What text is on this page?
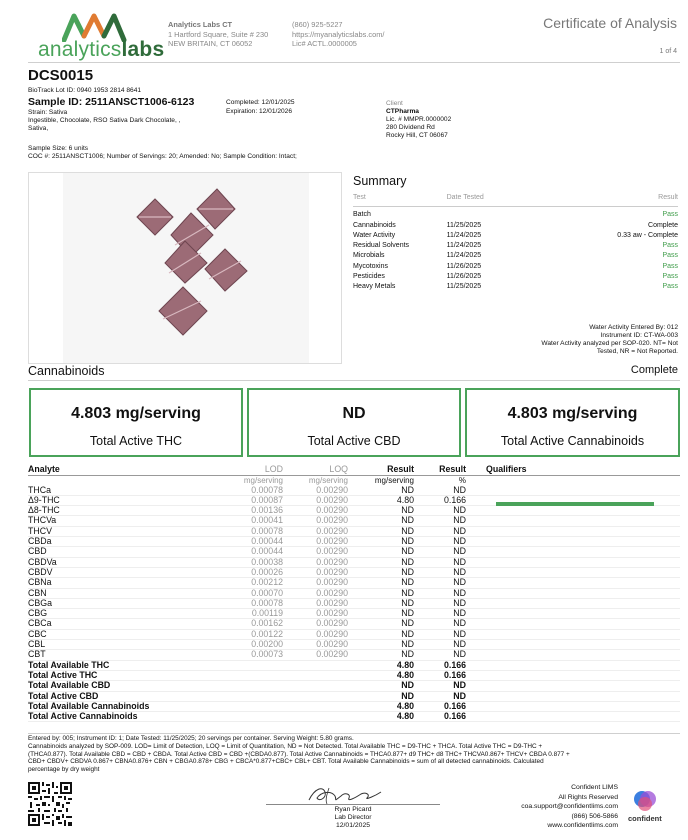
analyticslabs
Analytics Labs CT
1 Hartford Square, Suite # 230
NEW BRITAIN, CT 06052
(860) 925-5227
https://myanalyticslabs.com/
Lic# ACTL.0000005
Certificate of Analysis
1 of 4
DCS0015
BioTrack Lot ID: 0940 1953 2814 8641
Sample ID: 2511ANSCT1006-6123	Completed: 12/01/2025
Expiration: 12/01/2026
Strain: Sativa
Ingestible, Chocolate, RSO Sativa Dark Chocolate, ,
Sativa,
Sample Size: 6 units
COC #: 2511ANSCT1006; Number of Servings: 20; Amended: No; Sample Condition: Intact;
Client
CTPharma
Lic. # MMPR.0000002
280 Dividend Rd
Rocky Hill, CT 06067
Summary
Test	Date Tested	Result
Batch		Pass
Cannabinoids	11/25/2025	Complete
Water Activity	11/24/2025	0.33 aw - Complete
Residual Solvents	11/24/2025	Pass
Microbials	11/24/2025	Pass
Mycotoxins	11/26/2025	Pass
Pesticides	11/26/2025	Pass
Heavy Metals	11/25/2025	Pass
Water Activity Entered By: 012
Instrument ID: CT-WA-003
Water Activity analyzed per SOP-020. NT= Not
Tested, NR = Not Reported.
Cannabinoids	Complete
4.803 mg/serving
Total Active THC
ND
Total Active CBD
4.803 mg/serving
Total Active Cannabinoids
Analyte	LOD	LOQ	Result	Result	Qualifiers
	mg/serving	mg/serving	mg/serving	%	
THCa	0.00078	0.00290	ND	ND	
Δ9-THC	0.00087	0.00290	4.80	0.166	
Δ8-THC	0.00136	0.00290	ND	ND	
THCVa	0.00041	0.00290	ND	ND	
THCV	0.00078	0.00290	ND	ND	
CBDa	0.00044	0.00290	ND	ND	
CBD	0.00044	0.00290	ND	ND	
CBDVa	0.00038	0.00290	ND	ND	
CBDV	0.00026	0.00290	ND	ND	
CBNa	0.00212	0.00290	ND	ND	
CBN	0.00070	0.00290	ND	ND	
CBGa	0.00078	0.00290	ND	ND	
CBG	0.00119	0.00290	ND	ND	
CBCa	0.00162	0.00290	ND	ND	
CBC	0.00122	0.00290	ND	ND	
CBL	0.00200	0.00290	ND	ND	
CBT	0.00073	0.00290	ND	ND	
Total Available THC			4.80	0.166	
Total Active THC			4.80	0.166	
Total Available CBD			ND	ND	
Total Active CBD			ND	ND	
Total Available Cannabinoids			4.80	0.166	
Total Active Cannabinoids			4.80	0.166	
Entered by: 005; Instrument ID: 1; Date Tested: 11/25/2025; 20 servings per container. Serving Weight: 5.80 grams.
Cannabinoids analyzed by SOP-009. LOD= Limit of Detection, LOQ = Limit of Quantitation, ND = Not Detected. Total Available THC = D9-THC + THCA. Total Active THC = D9-THC +
(THCA0.877). Total Available CBD = CBD + CBDA. Total Active CBD = CBD +(CBDA0.877). Total Active Cannabinoids = THCA0.877+ d9 THC+ d8 THC+ THCVA0.867+ THCV+ CBDA 0.877 +
CBD+ CBDV+ CBDVA 0.867+ CBNA0.876+ CBN + CBGA0.878+ CBG + CBCA*0.877+CBC+ CBL+ CBT. Total Available Cannabinoids = sum of all detected cannabinoids. Calculated
percentage by dry weight
Ryan Picard
Lab Director
12/01/2025
Confident LIMS
All Rights Reserved
coa.support@confidentlims.com
(866) 506-5866
www.confidentlims.com
confident
